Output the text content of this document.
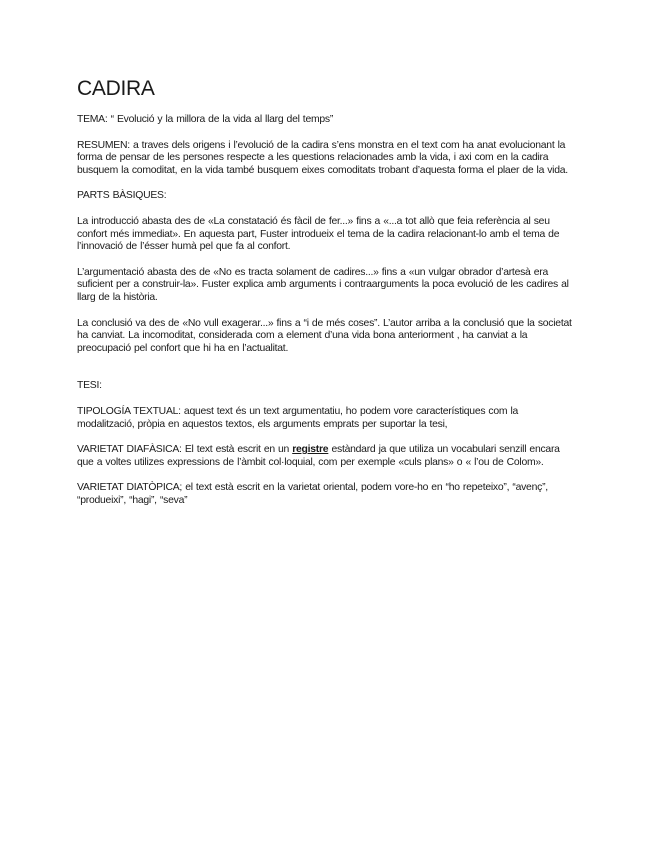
CADIRA

TEMA: “ Evolució y la millora de la vida al llarg del temps”

RESUMEN: a traves dels origens i l’evolució de la cadira s’ens monstra en el text com ha anat evolucionant la forma de pensar de les persones respecte a les questions relacionades amb la vida, i axi com en la cadira busquem la comoditat, en la vida també busquem eixes comoditats trobant d’aquesta forma el plaer de la vida.

PARTS BÀSIQUES:

La introducció abasta des de «La constatació és fàcil de fer...» fins a «...a tot allò que feia referència al seu confort més immediat». En aquesta part, Fuster introdueix el tema de la cadira relacionant-lo amb el tema de l’innovació de l’ésser humà pel que fa al confort.

L’argumentació abasta des de «No es tracta solament de cadires...» fins a «un vulgar obrador d’artesà era suficient per a construir-la». Fuster explica amb arguments i contraarguments la poca evolució de les cadires al llarg de la història.

La conclusió va des de «No vull exagerar...» fins a “i de més coses”. L’autor arriba a la conclusió que la societat ha canviat. La incomoditat, considerada com a element d’una vida bona anteriorment , ha canviat a la preocupació pel confort que hi ha en l’actualitat.

TESI:

TIPOLOGÍA TEXTUAL: aquest text és un text argumentatiu, ho podem vore característiques com la modalització, pròpia en aquestos textos, els arguments emprats per suportar la tesi,

VARIETAT DIAFÀSICA: El text està escrit en un registre estàndard ja que utiliza un vocabulari senzill encara que a voltes utilizes expressions de l’àmbit col·loquial, com per exemple «culs plans» o « l’ou de Colom».

VARIETAT DIATÒPICA; el text està escrit en la varietat oriental, podem vore-ho en “ho repeteixo”, “avenç”, “produeixi”, “hagi”, “seva”
